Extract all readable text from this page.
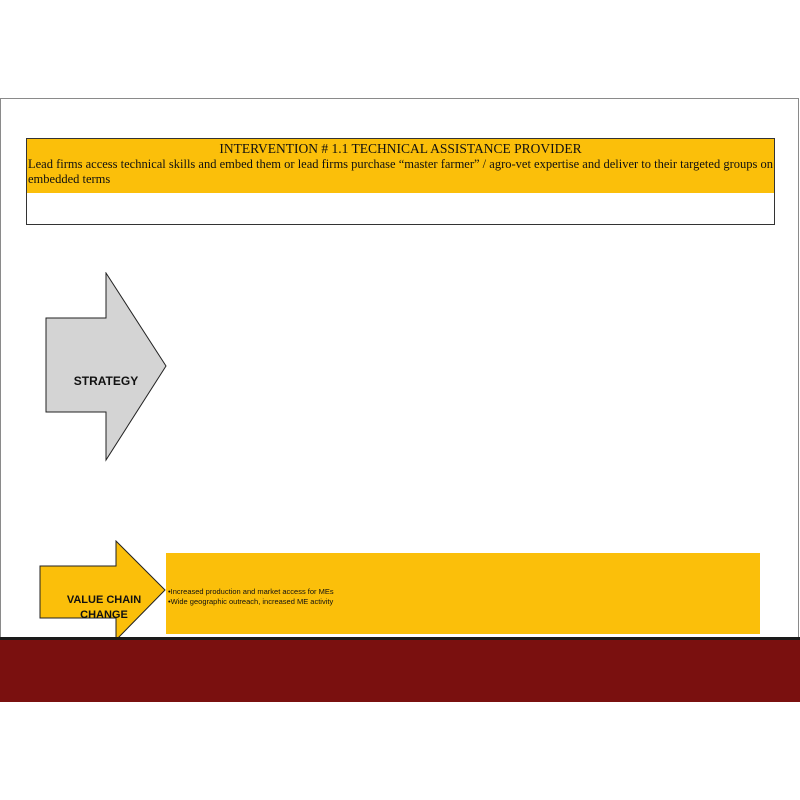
INTERVENTION # 1.1 TECHNICAL ASSISTANCE PROVIDER
Lead firms access technical skills and embed them or lead firms purchase “master farmer” / agro-vet expertise and deliver to their targeted groups on embedded terms
STRATEGY
•Increased production and market access for MEs
•Wide geographic outreach, increased ME activity
VALUE CHAIN CHANGE
